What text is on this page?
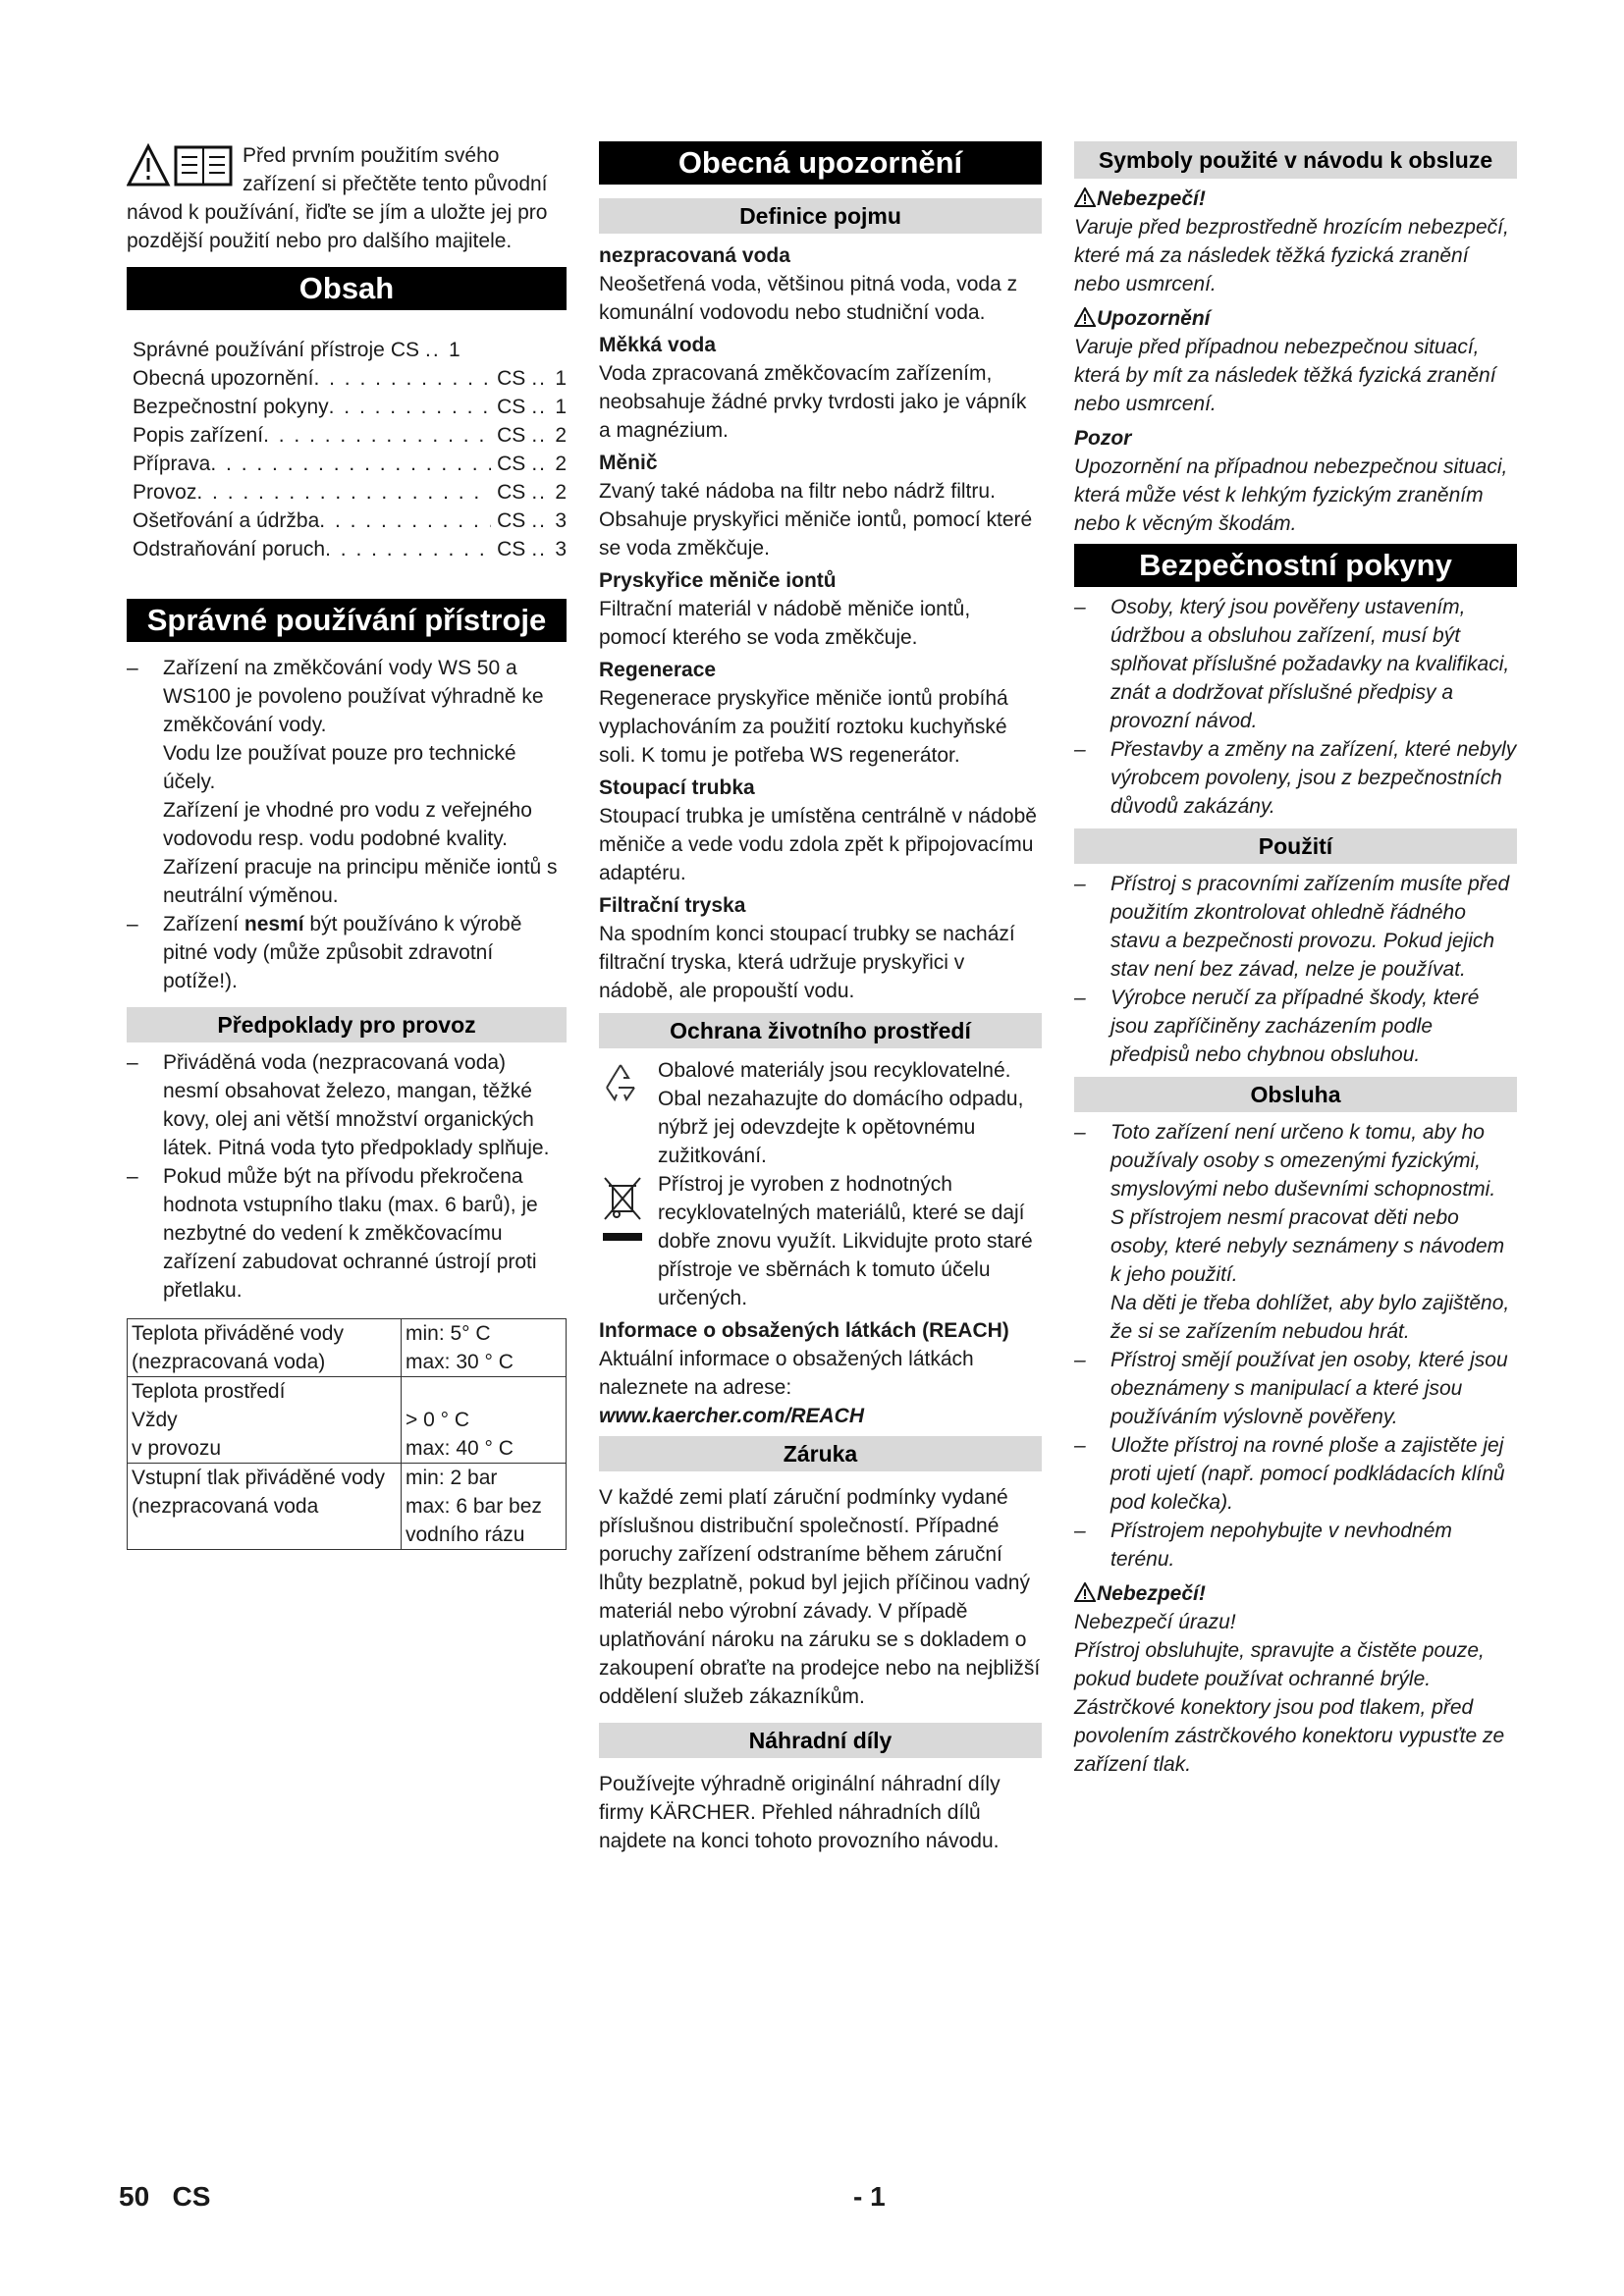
Před prvním použitím svého zařízení si přečtěte tento původní návod k používání, řiďte se jím a uložte jej pro pozdější použití nebo pro dalšího majitele.

Obsah
Správné používání přístroje CS .. 1
Obecná upozornění . . .	CS .. 1
Bezpečnostní pokyny . . .	CS .. 1
Popis zařízení . . .	CS .. 2
Příprava . . .	CS .. 2
Provoz . . .	CS .. 2
Ošetřování a údržba . . .	CS .. 3
Odstraňování poruch . . .	CS .. 3
Správné používání přístroje
– Zařízení na změkčování vody WS 50 a WS100 je povoleno používat výhradně ke změkčování vody.

Vodu lze používat pouze pro technické účely.

Zařízení je vhodné pro vodu z veřejného vodovodu resp. vodu podobné kvality.

Zařízení pracuje na principu měniče iontů s neutrální výměnou.

– Zařízení nesmí být používáno k výrobě pitné vody (může způsobit zdravotní potíže!).
Předpoklady pro provoz
– Přiváděná voda (nezpracovaná voda) nesmí obsahovat železo, mangan, těžké kovy, olej ani větší množství organických látek. Pitná voda tyto předpoklady splňuje.
– Pokud může být na přívodu překročena hodnota vstupního tlaku (max. 6 barů), je nezbytné do vedení k změkčovacímu zařízení zabudovat ochranné ústrojí proti přetlaku.
Teplota přiváděné vody
(nezpracovaná voda)	min: 5° C
max: 30 ° C
Teplota prostředí
Vždy
v provozu	> 0 ° C
max: 40 ° C
Vstupní tlak přiváděné vody (nezpracovaná voda	min: 2 bar
max: 6 bar bez vodního rázu
Obecná upozornění
Definice pojmu

nezpracovaná voda

Neošetřená voda, většinou pitná voda, voda z komunální vodovodu nebo studniční voda.

Měkká voda

Voda zpracovaná změkčovacím zařízením, neobsahuje žádné prvky tvrdosti jako je vápník a magnézium.

Měnič

Zvaný také nádoba na filtr nebo nádrž filtru. Obsahuje pryskyřici měniče iontů, pomocí které se voda změkčuje.

Pryskyřice měniče iontů

Filtrační materiál v nádobě měniče iontů, pomocí kterého se voda změkčuje.

Regenerace

Regenerace pryskyřice měniče iontů probíhá vyplachováním za použití roztoku kuchyňské soli. K tomu je potřeba WS regenerátor.

Stoupací trubka

Stoupací trubka je umístěna centrálně v nádobě měniče a vede vodu zdola zpět k připojovacímu adaptéru.

Filtrační tryska

Na spodním konci stoupací trubky se nachází filtrační tryska, která udržuje pryskyřici v nádobě, ale propouští vodu.

Ochrana životního prostředí

Obalové materiály jsou recyklovatelné. Obal nezahazujte do domácího odpadu, nýbrž jej odevzdejte k opětovnému zužitkování.

Přístroj je vyroben z hodnotných recyklovatelných materiálů, které se dají dobře znovu využít. Likvidujte proto staré přístroje ve sběrnách k tomuto účelu určených.

Informace o obsažených látkách (REACH)

Aktuální informace o obsažených látkách naleznete na adrese:

www.kaercher.com/REACH

Záruka

V každé zemi platí záruční podmínky vydané příslušnou distribuční společností. Případné poruchy zařízení odstraníme během záruční lhůty bezplatně, pokud byl jejich příčinou vadný materiál nebo výrobní závady. V případě uplatňování nároku na záruku se s dokladem o zakoupení obraťte na prodejce nebo na nejbližší oddělení služeb zákazníkům.

Náhradní díly

Používejte výhradně originální náhradní díly firmy KÄRCHER. Přehled náhradních dílů najdete na konci tohoto provozního návodu.

Symboly použité v návodu k obsluze

Nebezpečí!

Varuje před bezprostředně hrozícím nebezpečí, které má za následek těžká fyzická zranění nebo usmrcení.

Upozornění

Varuje před případnou nebezpečnou situací, která by mít za následek těžká fyzická zranění nebo usmrcení.

Pozor

Upozornění na případnou nebezpečnou situaci, která může vést k lehkým fyzickým zraněním nebo k věcným škodám.

Bezpečnostní pokyny
– Osoby, který jsou pověřeny ustavením, údržbou a obsluhou zařízení, musí být splňovat příslušné požadavky na kvalifikaci, znát a dodržovat příslušné předpisy a provozní návod.
– Přestavby a změny na zařízení, které nebyly výrobcem povoleny, jsou z bezpečnostních důvodů zakázány.
Použití
– Přístroj s pracovními zařízením musíte před použitím zkontrolovat ohledně řádného stavu a bezpečnosti provozu. Pokud jejich stav není bez závad, nelze je používat.
– Výrobce neručí za případné škody, které jsou zapříčiněny zacházením podle předpisů nebo chybnou obsluhou.
Obsluha
– Toto zařízení není určeno k tomu, aby ho používaly osoby s omezenými fyzickými, smyslovými nebo duševními schopnostmi.

S přístrojem nesmí pracovat děti nebo osoby, které nebyly seznámeny s návodem k jeho použití.

Na děti je třeba dohlížet, aby bylo zajištěno, že si se zařízením nebudou hrát.

– Přístroj smějí používat jen osoby, které jsou obeznámeny s manipulací a které jsou používáním výslovně pověřeny.
– Uložte přístroj na rovné ploše a zajistěte jej proti ujetí (např. pomocí podkládacích klínů pod kolečka).
– Přístrojem nepohybujte v nevhodném terénu.

Nebezpečí!

Nebezpečí úrazu!

Přístroj obsluhujte, spravujte a čistěte pouze, pokud budete používat ochranné brýle. Zástrčkové konektory jsou pod tlakem, před povolením zástrčkového konektoru vypusťte ze zařízení tlak.

50 CS	- 1
